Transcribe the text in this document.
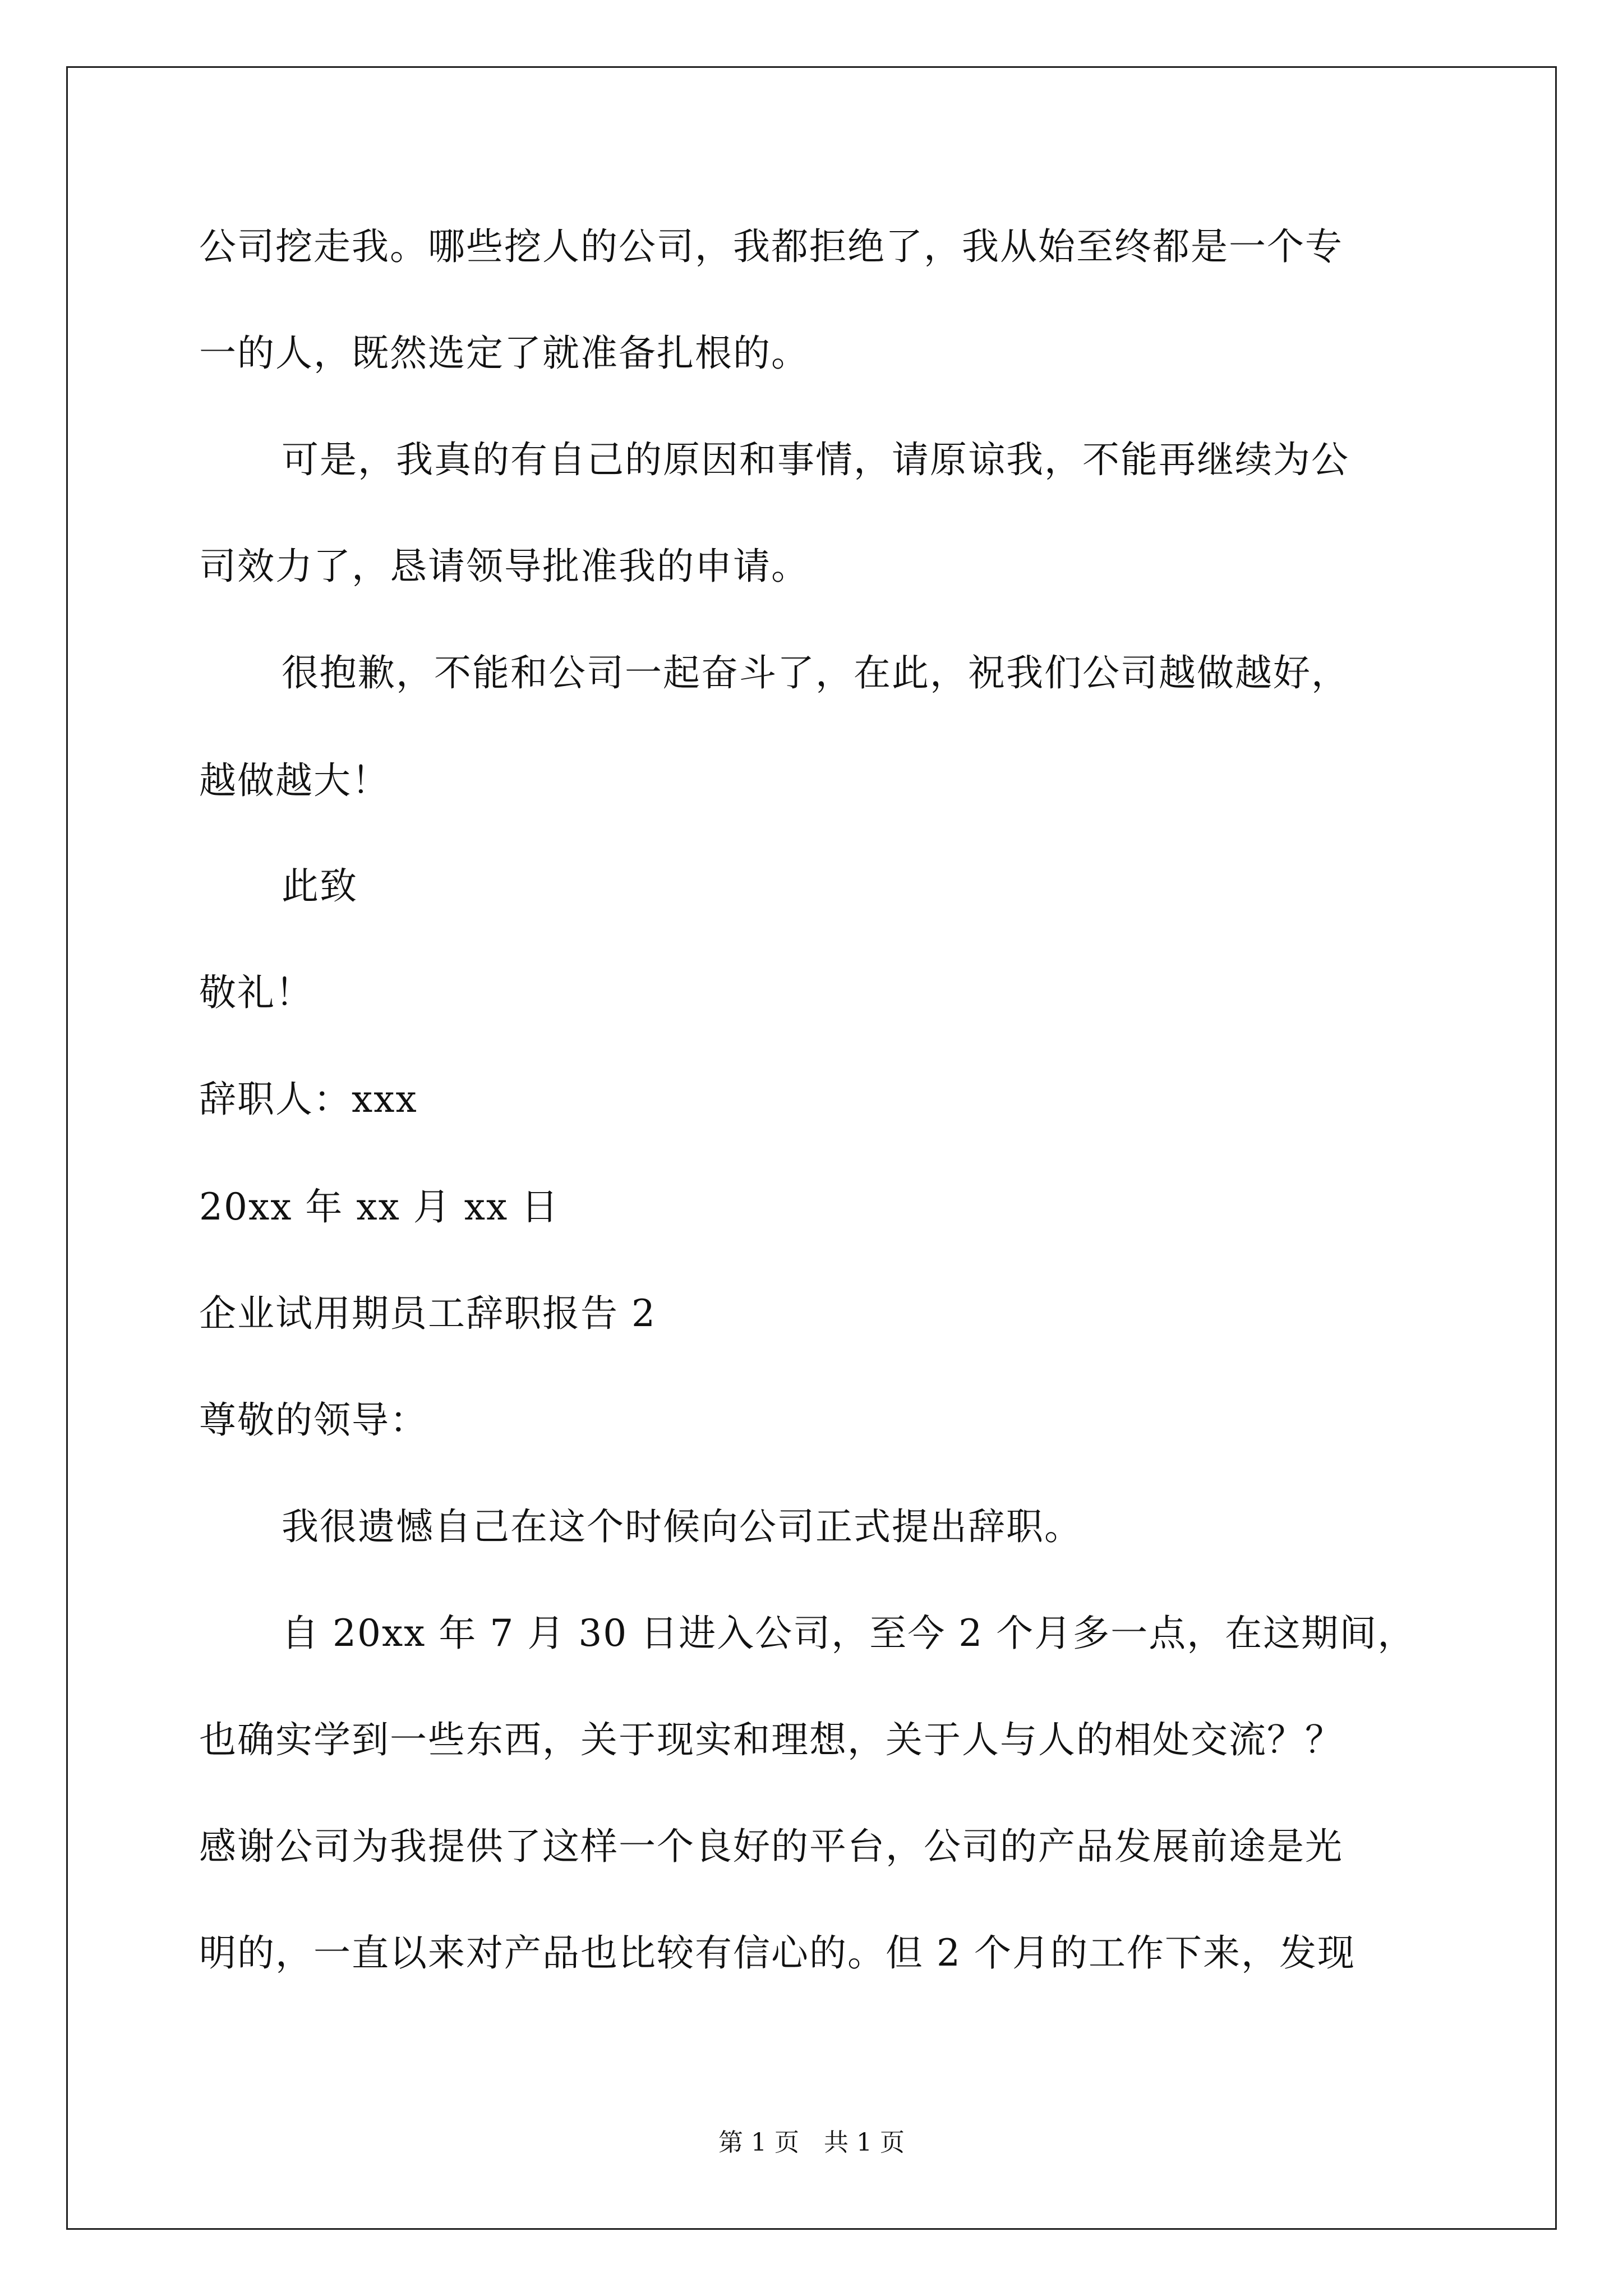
公司挖走我。哪些挖人的公司，我都拒绝了，我从始至终都是一个专
一的人，既然选定了就准备扎根的。
可是，我真的有自己的原因和事情，请原谅我，不能再继续为公
司效力了，恳请领导批准我的申请。
很抱歉，不能和公司一起奋斗了，在此，祝我们公司越做越好，
越做越大！
此致
敬礼！
辞职人：xxx
20xx 年 xx 月 xx 日
企业试用期员工辞职报告 2
尊敬的领导：
我很遗憾自己在这个时候向公司正式提出辞职。
自 20xx 年 7 月 30 日进入公司，至今 2 个月多一点，在这期间，
也确实学到一些东西，关于现实和理想，关于人与人的相处交流？？
感谢公司为我提供了这样一个良好的平台，公司的产品发展前途是光
明的，一直以来对产品也比较有信心的。但 2 个月的工作下来，发现
第 1 页　共 1 页
